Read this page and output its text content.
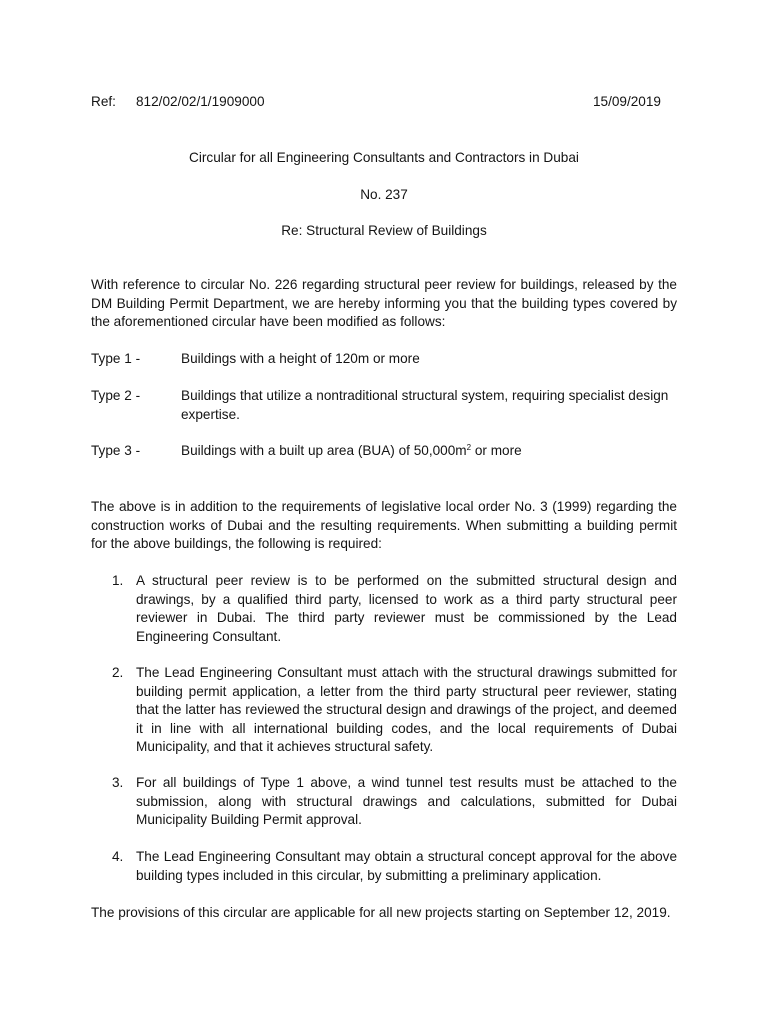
Ref: 812/02/02/1/1909000	15/09/2019
Circular for all Engineering Consultants and Contractors in Dubai
No. 237
Re: Structural Review of Buildings

With reference to circular No. 226 regarding structural peer review for buildings, released by the DM Building Permit Department, we are hereby informing you that the building types covered by the aforementioned circular have been modified as follows:

Type 1 -	Buildings with a height of 120m or more
Type 2 -	Buildings that utilize a nontraditional structural system, requiring specialist design expertise.
Type 3 -	Buildings with a built up area (BUA) of $50,000m^2$ or more

The above is in addition to the requirements of legislative local order No. 3 (1999) regarding the construction works of Dubai and the resulting requirements. When submitting a building permit for the above buildings, the following is required:

1. A structural peer review is to be performed on the submitted structural design and drawings, by a qualified third party, licensed to work as a third party structural peer reviewer in Dubai. The third party reviewer must be commissioned by the Lead Engineering Consultant.

2. The Lead Engineering Consultant must attach with the structural drawings submitted for building permit application, a letter from the third party structural peer reviewer, stating that the latter has reviewed the structural design and drawings of the project, and deemed it in line with all international building codes, and the local requirements of Dubai Municipality, and that it achieves structural safety.

3. For all buildings of Type 1 above, a wind tunnel test results must be attached to the submission, along with structural drawings and calculations, submitted for Dubai Municipality Building Permit approval.

4. The Lead Engineering Consultant may obtain a structural concept approval for the above building types included in this circular, by submitting a preliminary application.

The provisions of this circular are applicable for all new projects starting on September 12, 2019.
